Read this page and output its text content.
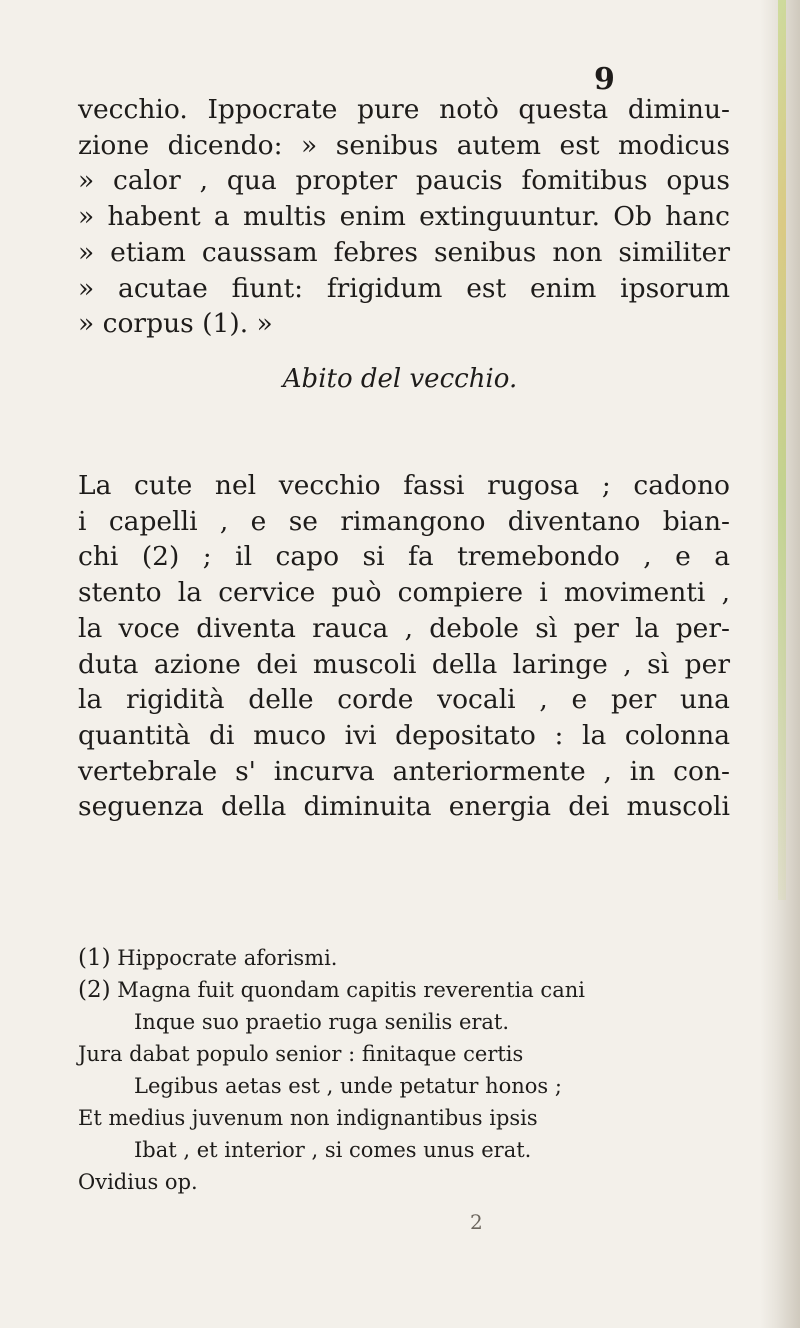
9
vecchio. Ippocrate pure notò questa diminu-
zione dicendo: » senibus autem est modicus
» calor , qua propter paucis fomitibus opus
» habent a multis enim extinguuntur. Ob hanc
» etiam caussam febres senibus non similiter
» acutae fiunt: frigidum est enim ipsorum
» corpus (1). »
Abito del vecchio.
La cute nel vecchio fassi rugosa ; cadono
i capelli , e se rimangono diventano bian-
chi (2) ; il capo si fa tremebondo , e a
stento la cervice può compiere i movimenti ,
la voce diventa rauca , debole sì per la per-
duta azione dei muscoli della laringe , sì per
la rigidità delle corde vocali , e per una
quantità di muco ivi depositato : la colonna
vertebrale s' incurva anteriormente , in con-
seguenza della diminuita energia dei muscoli
(1) Hippocrate aforismi.
(2) Magna fuit quondam capitis reverentia cani
Inque suo praetio ruga senilis erat.
Jura dabat populo senior : finitaque certis
Legibus aetas est , unde petatur honos ;
Et medius juvenum non indignantibus ipsis
Ibat , et interior , si comes unus erat.
Ovidius op.
2
